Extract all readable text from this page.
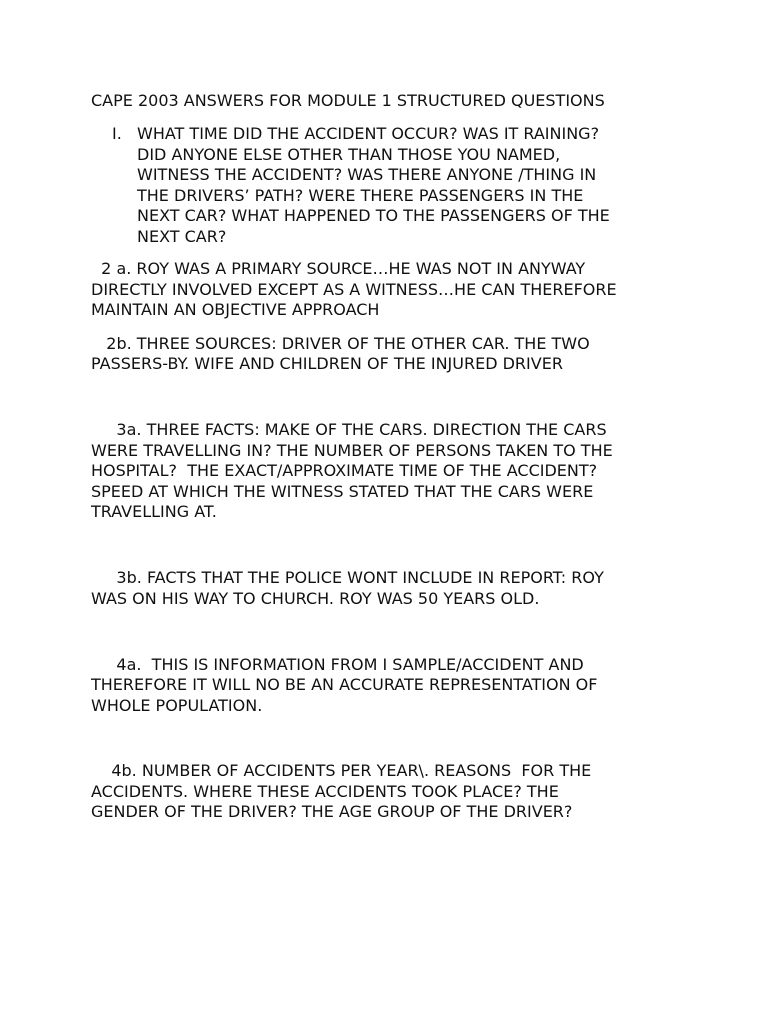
CAPE 2003 ANSWERS FOR MODULE 1 STRUCTURED QUESTIONS
I. WHAT TIME DID THE ACCIDENT OCCUR? WAS IT RAINING?
DID ANYONE ELSE OTHER THAN THOSE YOU NAMED,
WITNESS THE ACCIDENT? WAS THERE ANYONE /THING IN
THE DRIVERS’ PATH? WERE THERE PASSENGERS IN THE
NEXT CAR? WHAT HAPPENED TO THE PASSENGERS OF THE
NEXT CAR?
2 a. ROY WAS A PRIMARY SOURCE…HE WAS NOT IN ANYWAY
DIRECTLY INVOLVED EXCEPT AS A WITNESS…HE CAN THEREFORE
MAINTAIN AN OBJECTIVE APPROACH
2b. THREE SOURCES: DRIVER OF THE OTHER CAR. THE TWO
PASSERS-BY. WIFE AND CHILDREN OF THE INJURED DRIVER
3a. THREE FACTS: MAKE OF THE CARS. DIRECTION THE CARS
WERE TRAVELLING IN? THE NUMBER OF PERSONS TAKEN TO THE
HOSPITAL?  THE EXACT/APPROXIMATE TIME OF THE ACCIDENT?
SPEED AT WHICH THE WITNESS STATED THAT THE CARS WERE
TRAVELLING AT.
3b. FACTS THAT THE POLICE WONT INCLUDE IN REPORT: ROY
WAS ON HIS WAY TO CHURCH. ROY WAS 50 YEARS OLD.
4a.  THIS IS INFORMATION FROM I SAMPLE/ACCIDENT AND
THEREFORE IT WILL NO BE AN ACCURATE REPRESENTATION OF
WHOLE POPULATION.
4b. NUMBER OF ACCIDENTS PER YEAR\. REASONS  FOR THE
ACCIDENTS. WHERE THESE ACCIDENTS TOOK PLACE? THE
GENDER OF THE DRIVER? THE AGE GROUP OF THE DRIVER?
